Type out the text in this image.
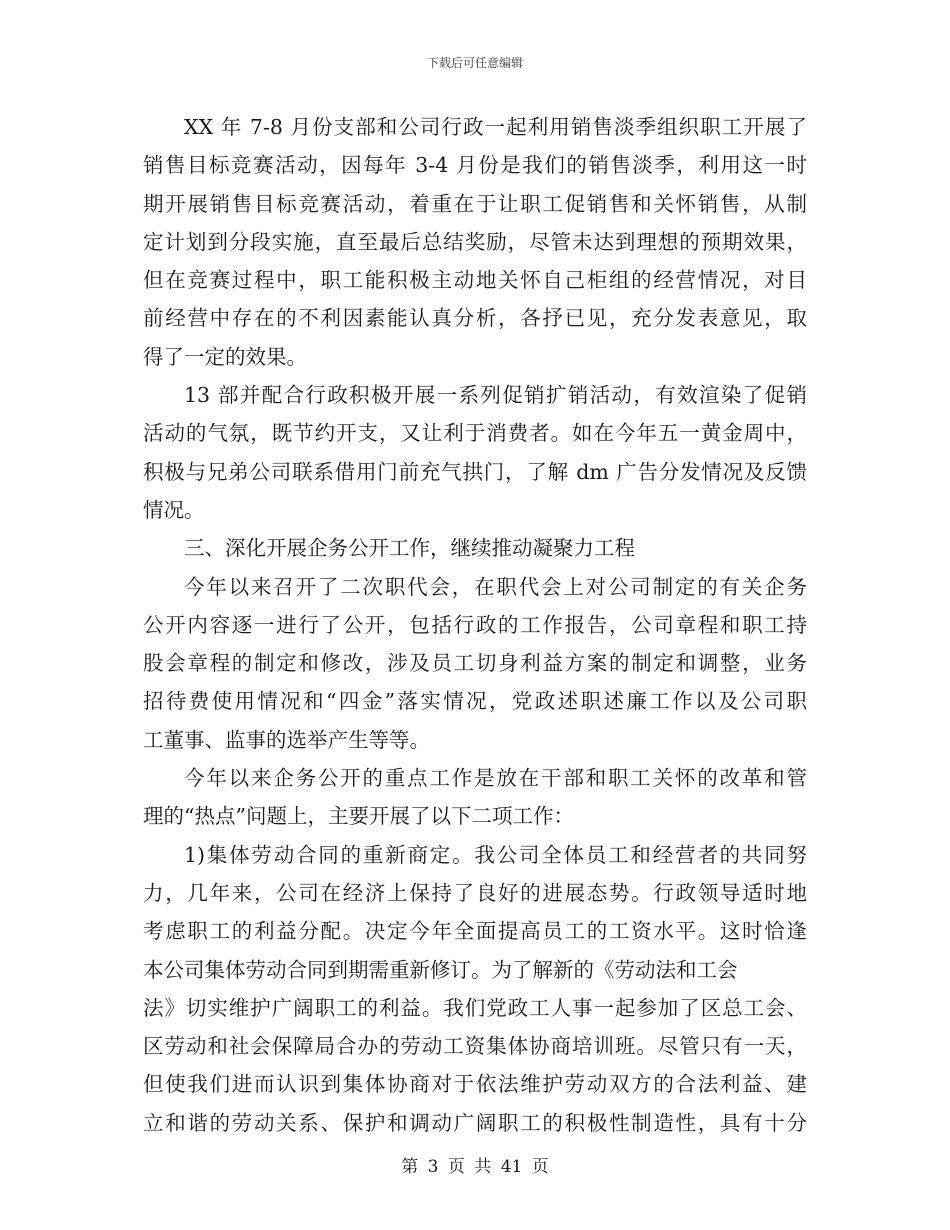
下载后可任意编辑
XX 年 7-8 月份支部和公司行政一起利用销售淡季组织职工开展了
销售目标竞赛活动，因每年 3-4 月份是我们的销售淡季，利用这一时
期开展销售目标竞赛活动，着重在于让职工促销售和关怀销售，从制
定计划到分段实施，直至最后总结奖励，尽管未达到理想的预期效果，
但在竞赛过程中，职工能积极主动地关怀自己柜组的经营情况，对目
前经营中存在的不利因素能认真分析，各抒已见，充分发表意见，取
得了一定的效果。
13 部并配合行政积极开展一系列促销扩销活动，有效渲染了促销
活动的气氛，既节约开支，又让利于消费者。如在今年五一黄金周中，
积极与兄弟公司联系借用门前充气拱门，了解 dm 广告分发情况及反馈
情况。
三、深化开展企务公开工作，继续推动凝聚力工程
今年以来召开了二次职代会，在职代会上对公司制定的有关企务
公开内容逐一进行了公开，包括行政的工作报告，公司章程和职工持
股会章程的制定和修改，涉及员工切身利益方案的制定和调整，业务
招待费使用情况和“四金”落实情况，党政述职述廉工作以及公司职
工董事、监事的选举产生等等。
今年以来企务公开的重点工作是放在干部和职工关怀的改革和管
理的“热点”问题上，主要开展了以下二项工作：
1)集体劳动合同的重新商定。我公司全体员工和经营者的共同努
力，几年来，公司在经济上保持了良好的进展态势。行政领导适时地
考虑职工的利益分配。决定今年全面提高员工的工资水平。这时恰逢
本公司集体劳动合同到期需重新修订。为了解新的《劳动法和工会
法》切实维护广阔职工的利益。我们党政工人事一起参加了区总工会、
区劳动和社会保障局合办的劳动工资集体协商培训班。尽管只有一天，
但使我们进而认识到集体协商对于依法维护劳动双方的合法利益、建
立和谐的劳动关系、保护和调动广阔职工的积极性制造性，具有十分
第 3 页 共 41 页
